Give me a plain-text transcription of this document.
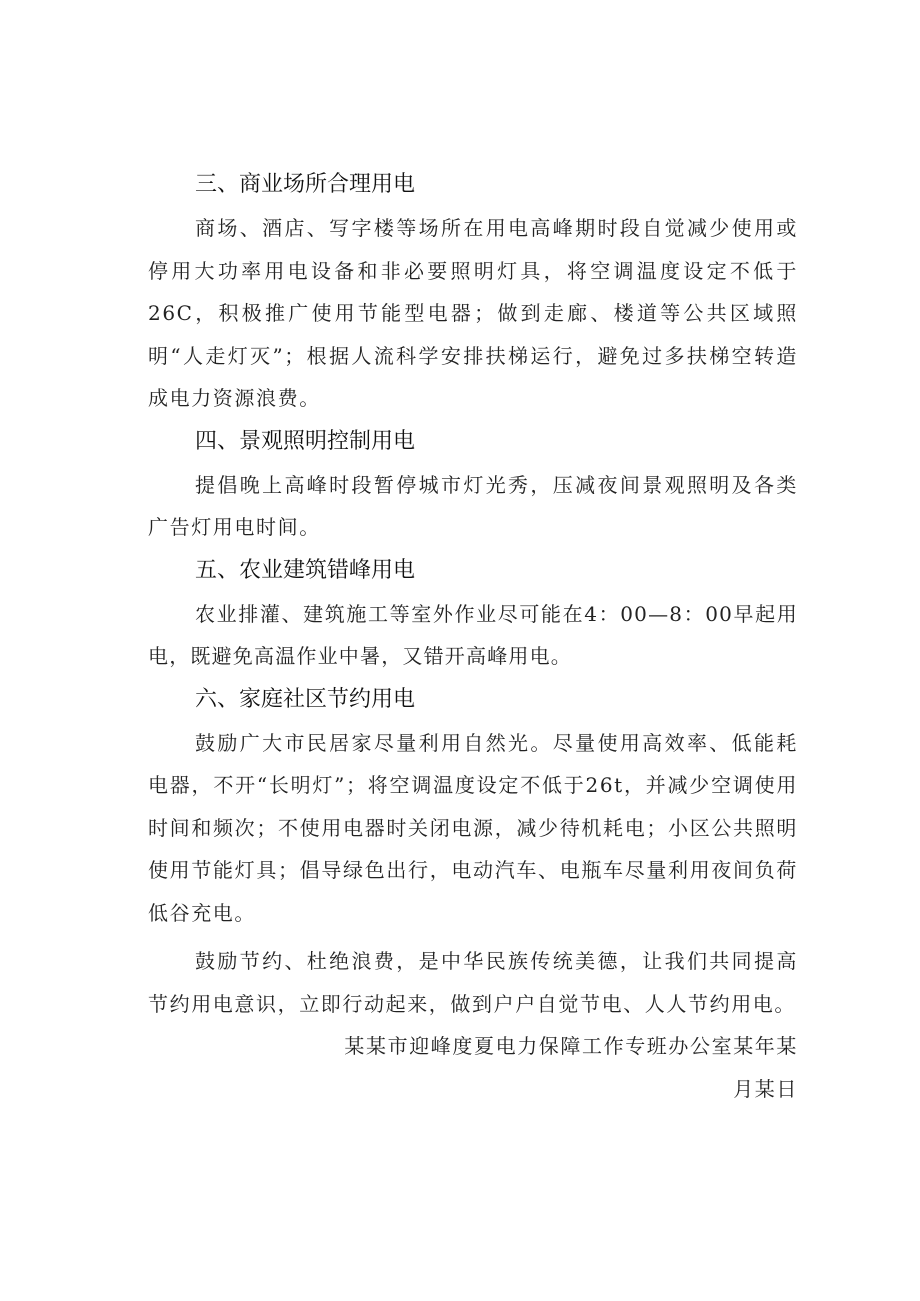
三、商业场所合理用电

商场、酒店、写字楼等场所在用电高峰期时段自觉减少使用或停用大功率用电设备和非必要照明灯具，将空调温度设定不低于26C，积极推广使用节能型电器；做到走廊、楼道等公共区域照明“人走灯灭”；根据人流科学安排扶梯运行，避免过多扶梯空转造成电力资源浪费。

四、景观照明控制用电

提倡晚上高峰时段暂停城市灯光秀，压减夜间景观照明及各类广告灯用电时间。

五、农业建筑错峰用电

农业排灌、建筑施工等室外作业尽可能在4：00—8：00早起用电，既避免高温作业中暑，又错开高峰用电。

六、家庭社区节约用电

鼓励广大市民居家尽量利用自然光。尽量使用高效率、低能耗电器，不开“长明灯”；将空调温度设定不低于26t，并减少空调使用时间和频次；不使用电器时关闭电源，减少待机耗电；小区公共照明使用节能灯具；倡导绿色出行，电动汽车、电瓶车尽量利用夜间负荷低谷充电。

鼓励节约、杜绝浪费，是中华民族传统美德，让我们共同提高节约用电意识，立即行动起来，做到户户自觉节电、人人节约用电。

某某市迎峰度夏电力保障工作专班办公室某年某
月某日
